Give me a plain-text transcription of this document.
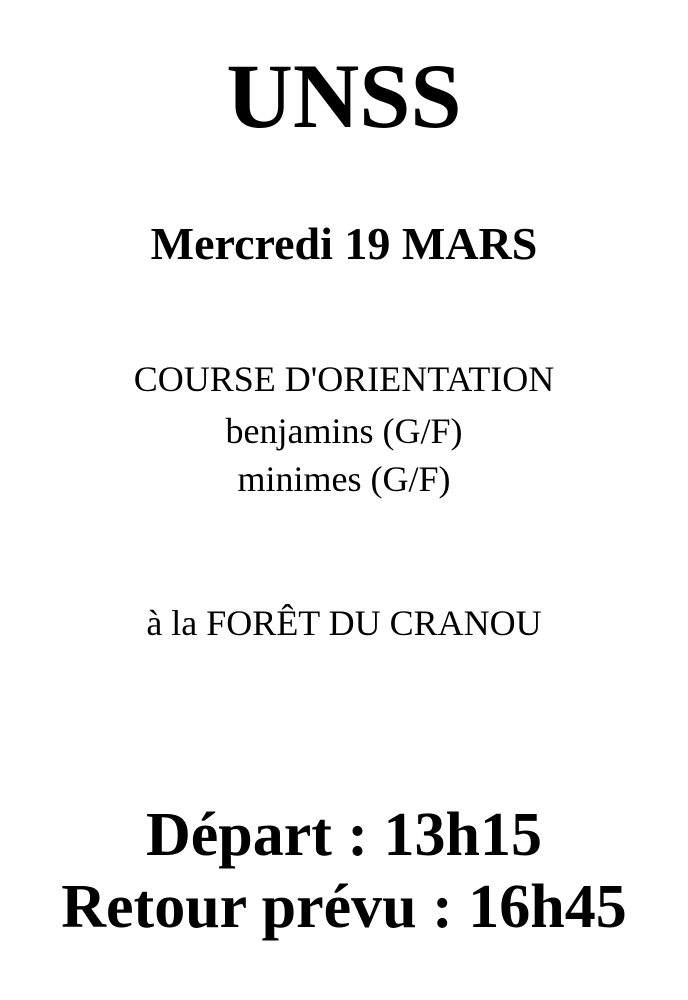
UNSS
Mercredi 19 MARS
COURSE D'ORIENTATION
benjamins (G/F)
minimes (G/F)
à la FORÊT DU CRANOU
Départ : 13h15
Retour prévu : 16h45
